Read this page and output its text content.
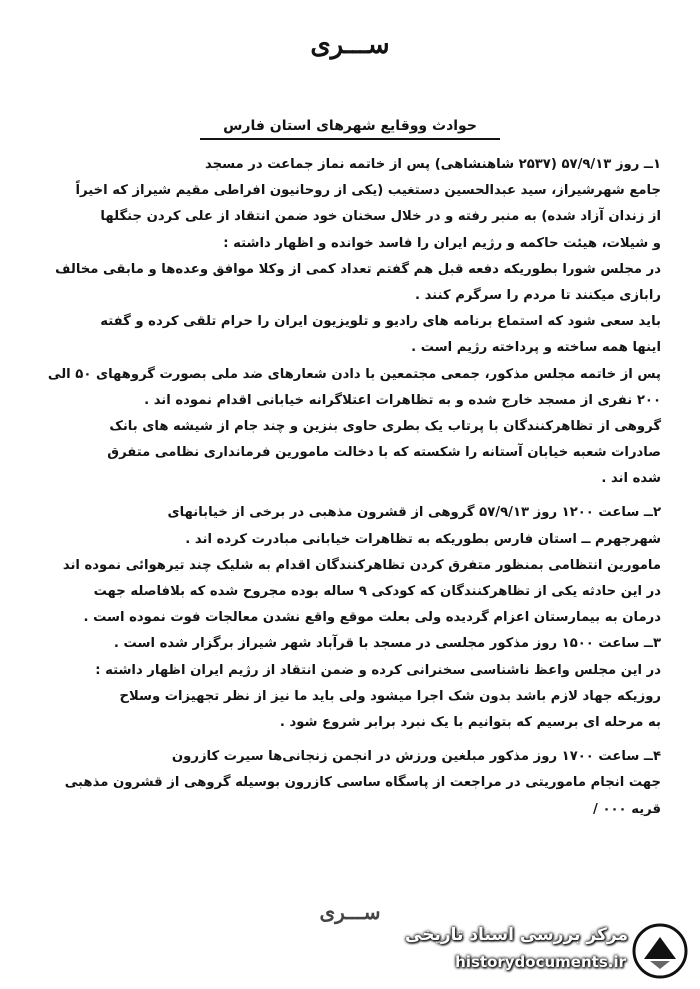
ســـری
حوادث ووقایع شهرهای استان فارس
۱ــ روز ۵۷/۹/۱۳ (۲۵۳۷ شاهنشاهی) پس از خاتمه نماز جماعت در مسجد
جامع شهرشیراز، سید عبدالحسین دستغیب (یکی از روحانیون افراطی مقیم شیراز که اخیراً
از زندان آزاد شده) به منبر رفته و در خلال سخنان خود ضمن انتقاد از علی کردن جنگلها
و شیلات، هیئت حاکمه و رژیم ایران را فاسد خوانده و اظهار داشته :
در مجلس شورا بطوریکه دفعه قبل هم گفتم تعداد کمی از وکلا موافق وعده‌ها و مابقی مخالف
رابازی میکنند تا مردم را سرگرم کنند .
باید سعی شود که استماع برنامه های رادیو و تلویزیون ایران را حرام تلقی کرده و گفته
اینها همه ساخته و پرداخته رژیم است .
پس از خاتمه مجلس مذکور، جمعی مجتمعین با دادن شعارهای ضد ملی بصورت گروههای ۵۰ الی
۲۰۰ نفری از مسجد خارج شده و به تظاهرات اعتلاگرانه خیابانی اقدام نموده اند .
گروهی از تظاهرکنندگان با پرتاب یک بطری حاوی بنزین و چند جام از شیشه های بانک
صادرات شعبه خیابان آستانه را شکسته که با دخالت مامورین فرمانداری نظامی متفرق
شده اند .
۲ــ ساعت ۱۲۰۰ روز ۵۷/۹/۱۳ گروهی از قشرون مذهبی در برخی از خیابانهای
شهرجهرم ــ استان فارس بطوریکه به تظاهرات خیابانی مبادرت کرده اند .
مامورین انتظامی بمنظور متفرق کردن تظاهرکنندگان اقدام به شلیک چند تیرهوائی نموده اند
در این حادثه یکی از تظاهرکنندگان که کودکی ۹ ساله بوده مجروح شده که بلافاصله جهت
درمان به بیمارستان اعزام گردیده ولی بعلت موقع واقع نشدن معالجات فوت نموده است .
۳ــ ساعت ۱۵۰۰ روز مذکور مجلسی در مسجد با قرآباد شهر شیراز برگزار شده است .
در این مجلس واعظ ناشناسی سخنرانی کرده و ضمن انتقاد از رژیم ایران اظهار داشته :
روزیکه جهاد لازم باشد بدون شک اجرا میشود ولی باید ما نیز از نظر تجهیزات وسلاح
به مرحله ای برسیم که بتوانیم با یک نبرد برابر شروع شود .
۴ــ ساعت ۱۷۰۰ روز مذکور مبلغین ورزش در انجمن زنجانی‌ها سیرت کازرون
جهت انجام ماموریتی در مراجعت از پاسگاه ساسی کازرون بوسیله گروهی از قشرون مذهبی
قریه ۰۰۰ /
ســـری
مرکز بررسی اسناد تاریخی
historydocuments.ir
